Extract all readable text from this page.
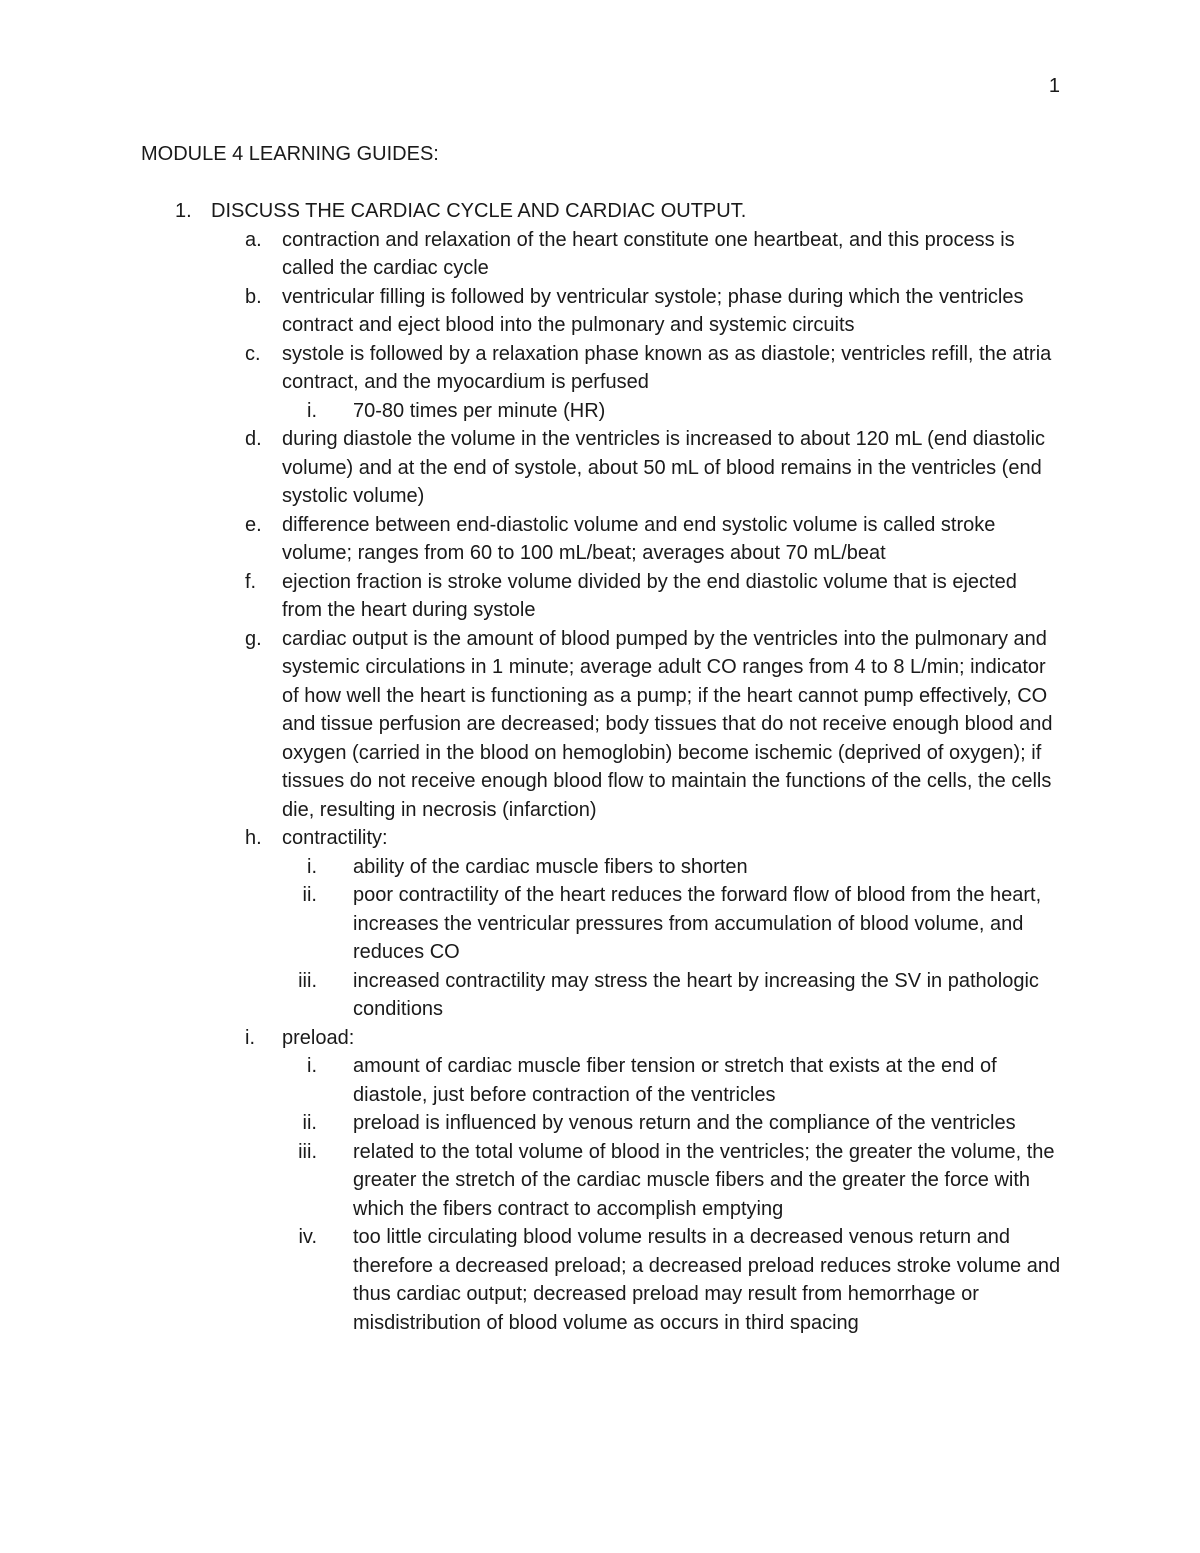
1
MODULE 4 LEARNING GUIDES:
1. DISCUSS THE CARDIAC CYCLE AND CARDIAC OUTPUT.
a. contraction and relaxation of the heart constitute one heartbeat, and this process is called the cardiac cycle
b. ventricular filling is followed by ventricular systole; phase during which the ventricles contract and eject blood into the pulmonary and systemic circuits
c. systole is followed by a relaxation phase known as as diastole; ventricles refill, the atria contract, and the myocardium is perfused
i. 70-80 times per minute (HR)
d. during diastole the volume in the ventricles is increased to about 120 mL (end diastolic volume) and at the end of systole, about 50 mL of blood remains in the ventricles (end systolic volume)
e. difference between end-diastolic volume and end systolic volume is called stroke volume; ranges from 60 to 100 mL/beat; averages about 70 mL/beat
f. ejection fraction is stroke volume divided by the end diastolic volume that is ejected from the heart during systole
g. cardiac output is the amount of blood pumped by the ventricles into the pulmonary and systemic circulations in 1 minute; average adult CO ranges from 4 to 8 L/min; indicator of how well the heart is functioning as a pump; if the heart cannot pump effectively, CO and tissue perfusion are decreased; body tissues that do not receive enough blood and oxygen (carried in the blood on hemoglobin) become ischemic (deprived of oxygen); if tissues do not receive enough blood flow to maintain the functions of the cells, the cells die, resulting in necrosis (infarction)
h. contractility:
i. ability of the cardiac muscle fibers to shorten
ii. poor contractility of the heart reduces the forward flow of blood from the heart, increases the ventricular pressures from accumulation of blood volume, and reduces CO
iii. increased contractility may stress the heart by increasing the SV in pathologic conditions
i. preload:
i. amount of cardiac muscle fiber tension or stretch that exists at the end of diastole, just before contraction of the ventricles
ii. preload is influenced by venous return and the compliance of the ventricles
iii. related to the total volume of blood in the ventricles; the greater the volume, the greater the stretch of the cardiac muscle fibers and the greater the force with which the fibers contract to accomplish emptying
iv. too little circulating blood volume results in a decreased venous return and therefore a decreased preload; a decreased preload reduces stroke volume and thus cardiac output; decreased preload may result from hemorrhage or misdistribution of blood volume as occurs in third spacing
